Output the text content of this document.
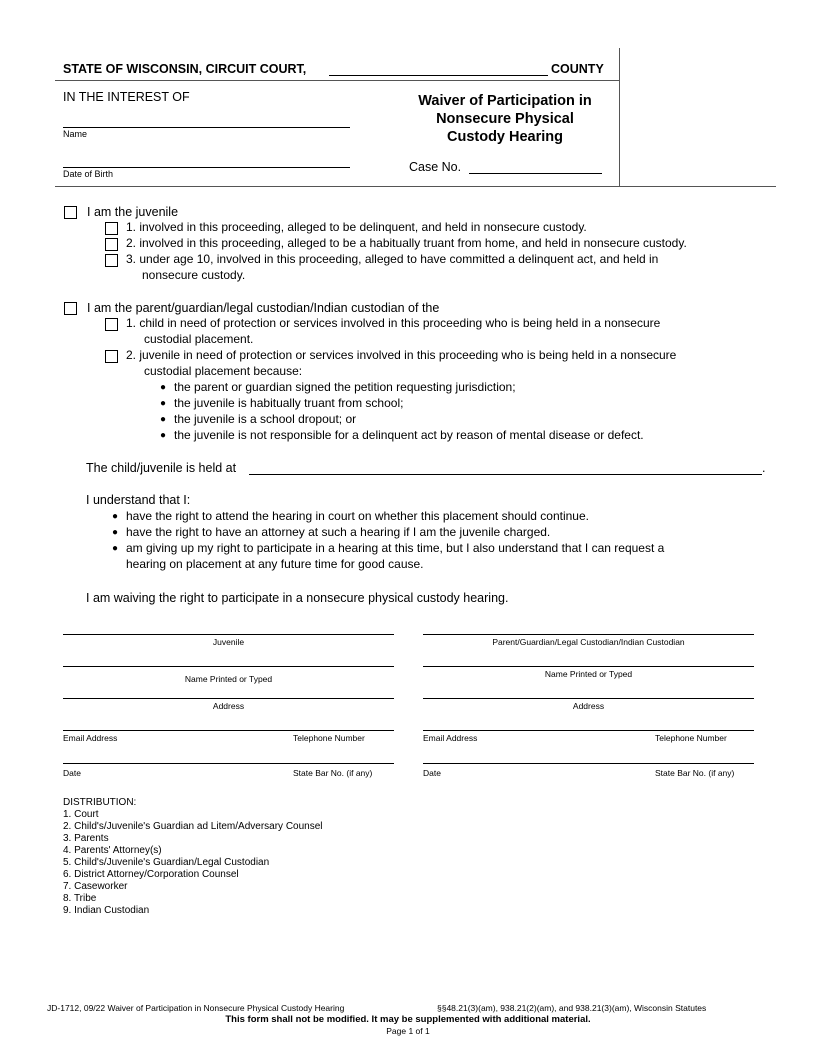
STATE OF WISCONSIN, CIRCUIT COURT,	COUNTY
IN THE INTEREST OF
Name
Date of Birth
Waiver of Participation in
Nonsecure Physical
Custody Hearing
Case No.
I am the juvenile
1. involved in this proceeding, alleged to be delinquent, and held in nonsecure custody.
2. involved in this proceeding, alleged to be a habitually truant from home, and held in nonsecure custody.
3. under age 10, involved in this proceeding, alleged to have committed a delinquent act, and held in
nonsecure custody.
I am the parent/guardian/legal custodian/Indian custodian of the
1. child in need of protection or services involved in this proceeding who is being held in a nonsecure
custodial placement.
2. juvenile in need of protection or services involved in this proceeding who is being held in a nonsecure
custodial placement because:
● the parent or guardian signed the petition requesting jurisdiction;
● the juvenile is habitually truant from school;
● the juvenile is a school dropout; or
● the juvenile is not responsible for a delinquent act by reason of mental disease or defect.
The child/juvenile is held at	.
I understand that I:
● have the right to attend the hearing in court on whether this placement should continue.
● have the right to have an attorney at such a hearing if I am the juvenile charged.
● am giving up my right to participate in a hearing at this time, but I also understand that I can request a
hearing on placement at any future time for good cause.
I am waiving the right to participate in a nonsecure physical custody hearing.
Juvenile
Name Printed or Typed
Address
Email Address	Telephone Number
Date	State Bar No. (if any)
Parent/Guardian/Legal Custodian/Indian Custodian
Name Printed or Typed
Address
Email Address	Telephone Number
Date	State Bar No. (if any)
DISTRIBUTION:
1. Court
2. Child's/Juvenile's Guardian ad Litem/Adversary Counsel
3. Parents
4. Parents' Attorney(s)
5. Child's/Juvenile's Guardian/Legal Custodian
6. District Attorney/Corporation Counsel
7. Caseworker
8. Tribe
9. Indian Custodian
JD-1712, 09/22 Waiver of Participation in Nonsecure Physical Custody Hearing	§§48.21(3)(am), 938.21(2)(am), and 938.21(3)(am), Wisconsin Statutes
This form shall not be modified. It may be supplemented with additional material.
Page 1 of 1
